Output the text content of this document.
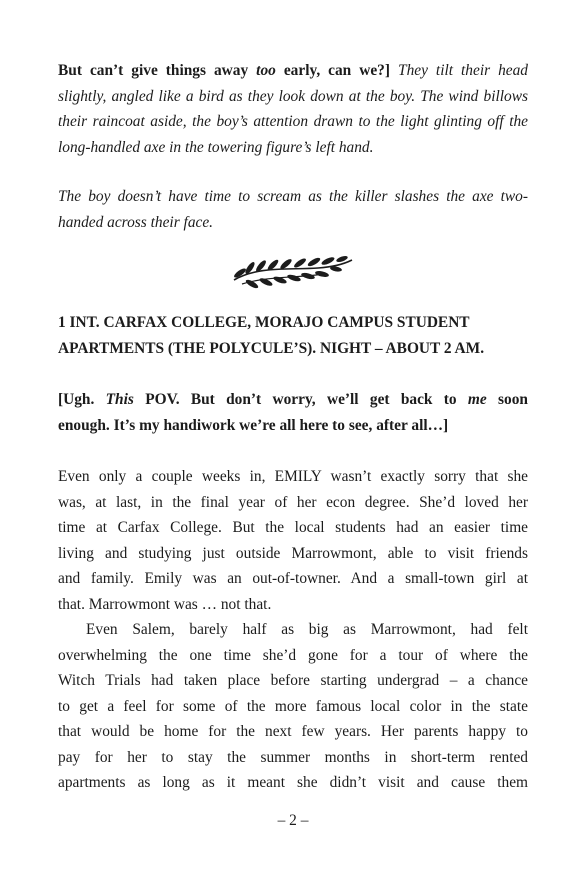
But can’t give things away too early, can we?] They tilt their head
slightly, angled like a bird as they look down at the boy. The wind billows
their raincoat aside, the boy’s attention drawn to the light glinting off the
long-handled axe in the towering figure’s left hand.
The boy doesn’t have time to scream as the killer slashes the axe two-
handed across their face.
1 INT. CARFAX COLLEGE, MORAJO CAMPUS STUDENT
APARTMENTS (THE POLYCULE’S). NIGHT – ABOUT 2 AM.
[Ugh. This POV. But don’t worry, we’ll get back to me soon
enough. It’s my handiwork we’re all here to see, after all…]
Even only a couple weeks in, EMILY wasn’t exactly sorry that she
was, at last, in the final year of her econ degree. She’d loved her
time at Carfax College. But the local students had an easier time
living and studying just outside Marrowmont, able to visit friends
and family. Emily was an out-of-towner. And a small-town girl at
that. Marrowmont was … not that.
Even Salem, barely half as big as Marrowmont, had felt
overwhelming the one time she’d gone for a tour of where the
Witch Trials had taken place before starting undergrad – a chance
to get a feel for some of the more famous local color in the state
that would be home for the next few years. Her parents happy to
pay for her to stay the summer months in short-term rented
apartments as long as it meant she didn’t visit and cause them
– 2 –
